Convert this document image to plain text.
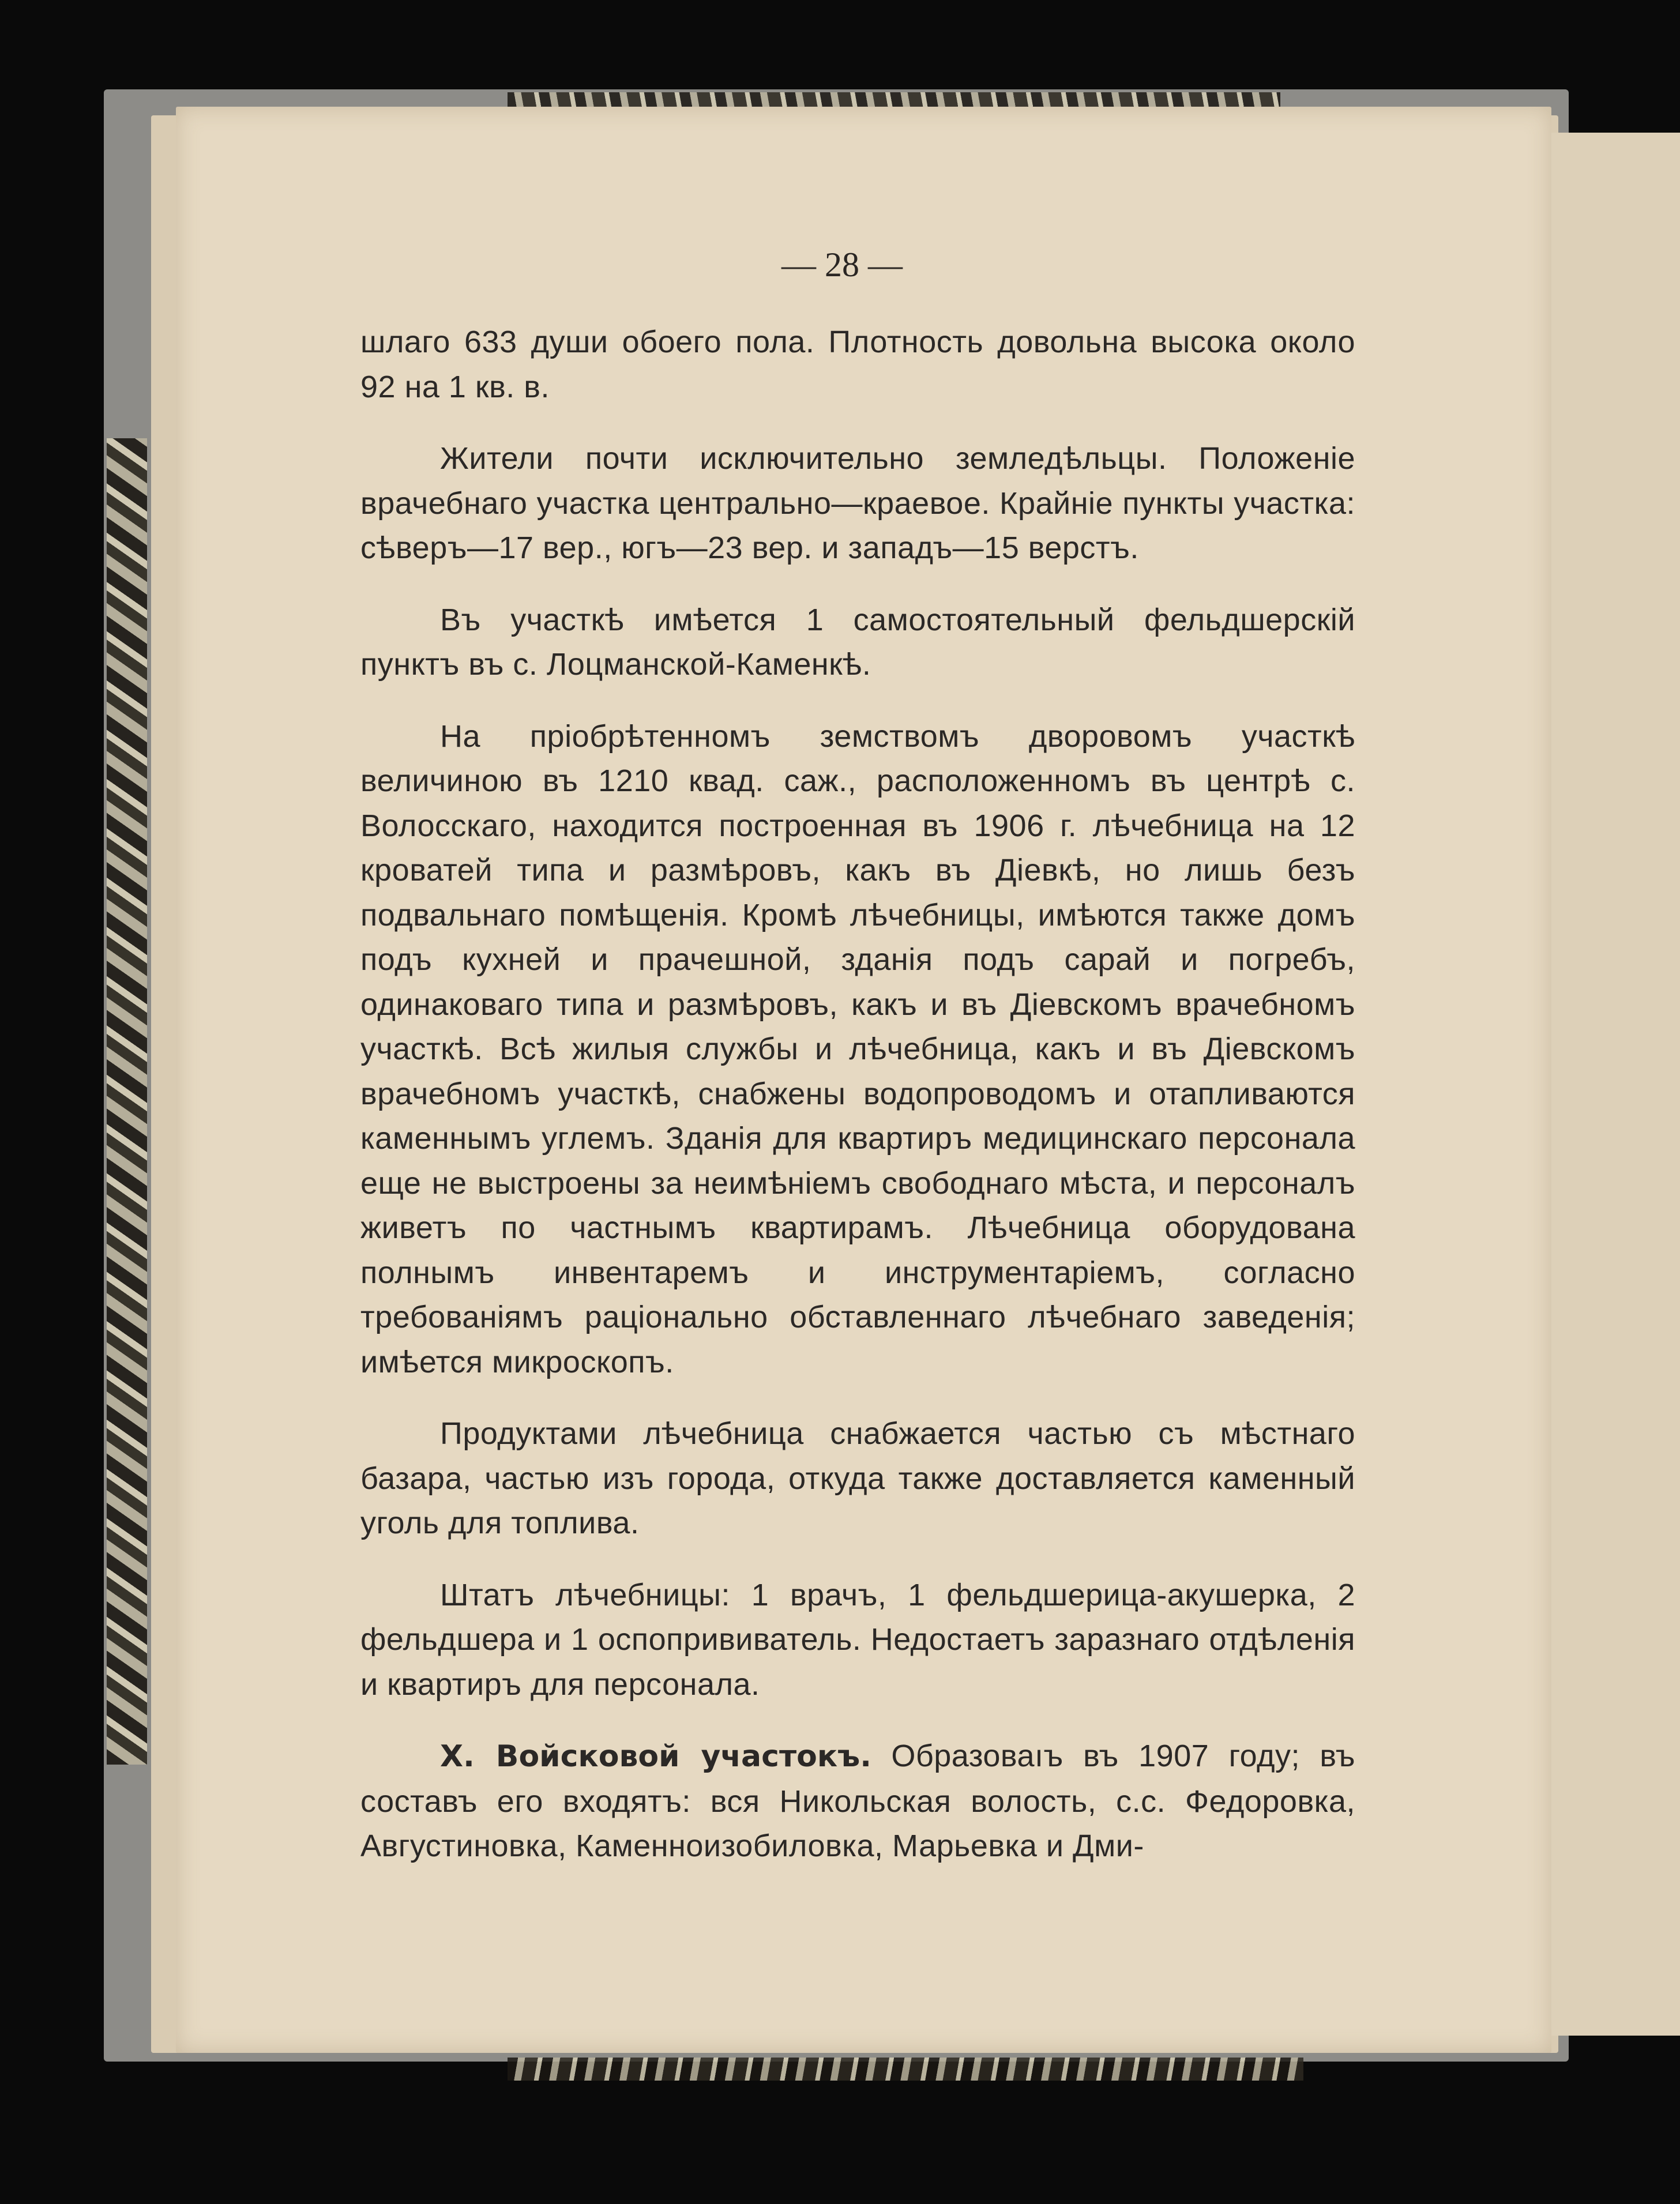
— 28 —

шлаго 633 души обоего пола. Плотность довольна высока около 92 на 1 кв. в.

Жители почти исключительно земледѣльцы. Положенiе врачебнаго участка центрально—краевое. Крайнiе пункты участка: сѣверъ—17 вер., югъ—23 вер. и западъ—15 верстъ.

Въ участкѣ имѣется 1 самостоятельный фельдшерскiй пунктъ въ с. Лоцманской-Каменкѣ.

На прiобрѣтенномъ земствомъ дворовомъ участкѣ величиною въ 1210 квад. саж., расположенномъ въ центрѣ с. Волосскаго, находится построенная въ 1906 г. лѣчебница на 12 кроватей типа и размѣровъ, какъ въ Дiевкѣ, но лишь безъ подвальнаго помѣщенiя. Кромѣ лѣчебницы, имѣются также домъ подъ кухней и прачешной, зданiя подъ сарай и погребъ, одинаковаго типа и размѣровъ, какъ и въ Дiевскомъ врачебномъ участкѣ. Всѣ жилыя службы и лѣчебница, какъ и въ Дiевскомъ врачебномъ участкѣ, снабжены водопроводомъ и отапливаются каменнымъ углемъ. Зданiя для квартиръ медицинскаго персонала еще не выстроены за неимѣнiемъ свободнаго мѣста, и персоналъ живетъ по частнымъ квартирамъ. Лѣчебница оборудована полнымъ инвентаремъ и инструментарiемъ, согласно требованiямъ рацiонально обставленнаго лѣчебнаго заведенiя; имѣется микроскопъ.

Продуктами лѣчебница снабжается частью съ мѣстнаго базара, частью изъ города, откуда также доставляется каменный уголь для топлива.

Штатъ лѣчебницы: 1 врачъ, 1 фельдшерица-акушерка, 2 фельдшера и 1 оспопрививатель. Недостаетъ заразнаго отдѣленiя и квартиръ для персонала.

X. Войсковой участокъ. Образоваıъ въ 1907 году; въ составъ его входятъ: вся Никольская волость, с.с. Федоровка, Августиновка, Каменноизобиловка, Марьевка и Дми-
